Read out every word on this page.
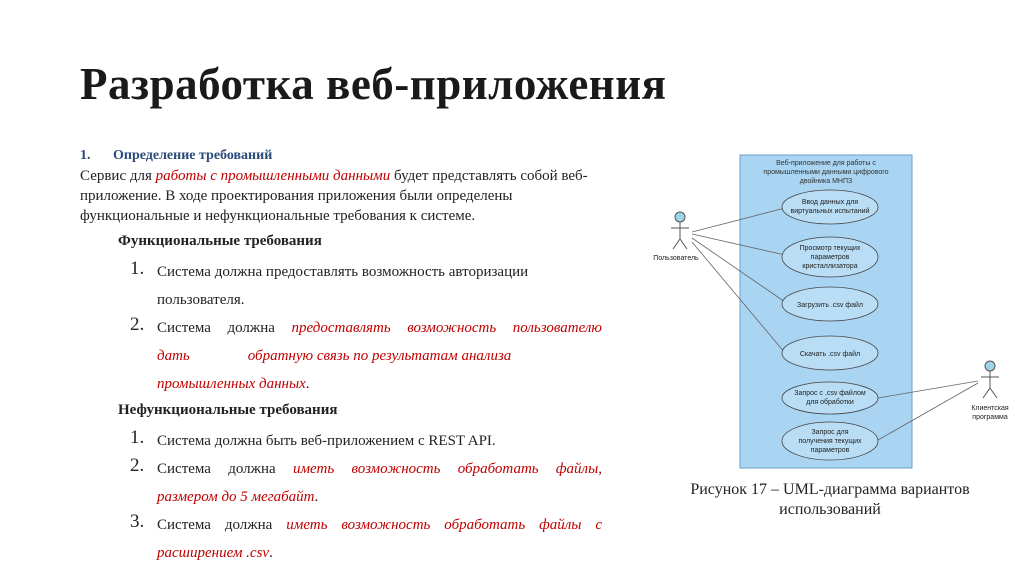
Разработка веб-приложения
1. Определение требований
Сервис для работы с промышленными данными будет представлять собой веб-приложение. В ходе проектирования приложения были определены функциональные и нефункциональные требования к системе.
Функциональные требования
1. Система должна предоставлять возможность авторизации
пользователя.
2. Система должна предоставлять возможность пользователю
дать	обратную связь по результатам анализа
промышленных данных.
Нефункциональные требования
1. Система должна быть веб-приложением с REST API.
2. Система должна иметь возможность обработать файлы,
размером до 5 мегабайт.
3. Система должна иметь возможность обработать файлы с
расширением .csv.
Веб-приложение для работы с
промышленными данными цифрового
двойника МНПЗ
Ввод данных для
виртуальных испытаний
Просмотр текущих
параметров
кристаллизатора
Загрузить .csv файл
Скачать .csv файл
Запрос с .csv файлом
для обработки
Запрос для
получения текущих
параметров
Пользователь
Клиентская
программа
Рисунок 17 – UML-диаграмма вариантов
использований
